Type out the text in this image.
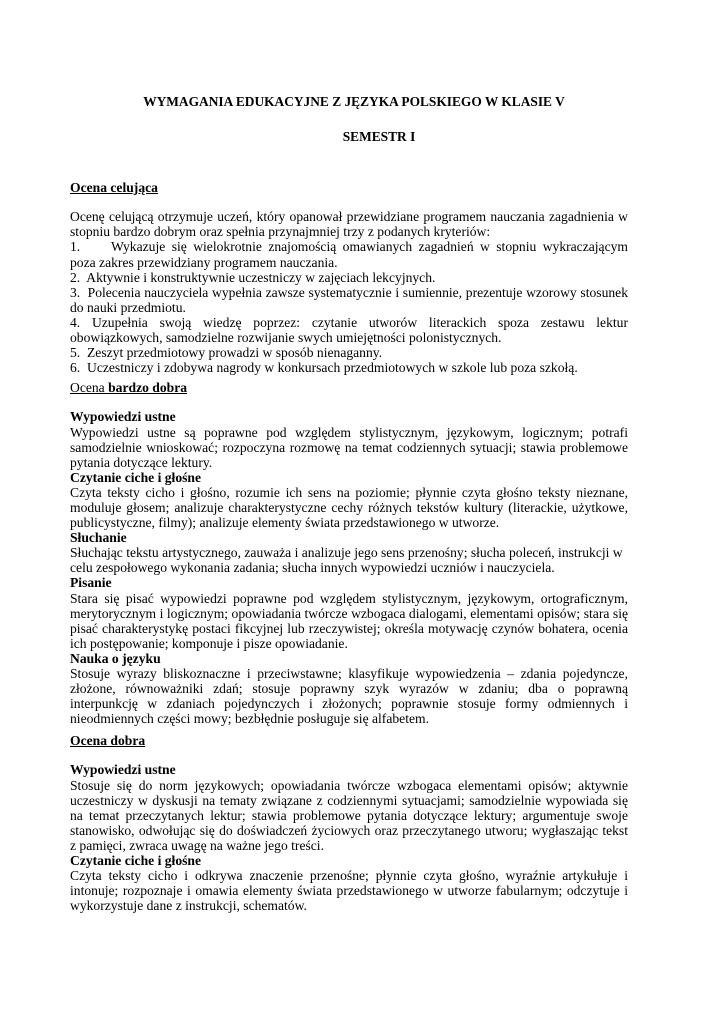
WYMAGANIA EDUKACYJNE Z JĘZYKA POLSKIEGO W KLASIE V
SEMESTR I
Ocena celująca

Ocenę celującą otrzymuje uczeń, który opanował przewidziane programem nauczania zagadnienia w stopniu bardzo dobrym oraz spełnia przynajmniej trzy z podanych kryteriów:

1. Wykazuje się wielokrotnie znajomością omawianych zagadnień w stopniu wykraczającym poza zakres przewidziany programem nauczania.

2. Aktywnie i konstruktywnie uczestniczy w zajęciach lekcyjnych.

3. Polecenia nauczyciela wypełnia zawsze systematycznie i sumiennie, prezentuje wzorowy stosunek do nauki przedmiotu.

4. Uzupełnia swoją wiedzę poprzez: czytanie utworów literackich spoza zestawu lektur obowiązkowych, samodzielne rozwijanie swych umiejętności polonistycznych.

5. Zeszyt przedmiotowy prowadzi w sposób nienaganny.

6. Uczestniczy i zdobywa nagrody w konkursach przedmiotowych w szkole lub poza szkołą.

Ocena bardzo dobra
Wypowiedzi ustne

Wypowiedzi ustne są poprawne pod względem stylistycznym, językowym, logicznym; potrafi samodzielnie wnioskować; rozpoczyna rozmowę na temat codziennych sytuacji; stawia problemowe pytania dotyczące lektury.

Czytanie ciche i głośne

Czyta teksty cicho i głośno, rozumie ich sens na poziomie; płynnie czyta głośno teksty nieznane, moduluje głosem; analizuje charakterystyczne cechy różnych tekstów kultury (literackie, użytkowe, publicystyczne, filmy); analizuje elementy świata przedstawionego w utworze.

Słuchanie

Słuchając tekstu artystycznego, zauważa i analizuje jego sens przenośny; słucha poleceń, instrukcji w celu zespołowego wykonania zadania; słucha innych wypowiedzi uczniów i nauczyciela.

Pisanie

Stara się pisać wypowiedzi poprawne pod względem stylistycznym, językowym, ortograficznym, merytorycznym i logicznym; opowiadania twórcze wzbogaca dialogami, elementami opisów; stara się pisać charakterystykę postaci fikcyjnej lub rzeczywistej; określa motywację czynów bohatera, ocenia ich postępowanie; komponuje i pisze opowiadanie.

Nauka o języku

Stosuje wyrazy bliskoznaczne i przeciwstawne; klasyfikuje wypowiedzenia – zdania pojedyncze, złożone, równoważniki zdań; stosuje poprawny szyk wyrazów w zdaniu; dba o poprawną interpunkcję w zdaniach pojedynczych i złożonych; poprawnie stosuje formy odmiennych i nieodmiennych części mowy; bezbłędnie posługuje się alfabetem.

Ocena dobra
Wypowiedzi ustne

Stosuje się do norm językowych; opowiadania twórcze wzbogaca elementami opisów; aktywnie uczestniczy w dyskusji na tematy związane z codziennymi sytuacjami; samodzielnie wypowiada się na temat przeczytanych lektur; stawia problemowe pytania dotyczące lektury; argumentuje swoje stanowisko, odwołując się do doświadczeń życiowych oraz przeczytanego utworu; wygłaszając tekst z pamięci, zwraca uwagę na ważne jego treści.

Czytanie ciche i głośne

Czyta teksty cicho i odkrywa znaczenie przenośne; płynnie czyta głośno, wyraźnie artykułuje i intonuje; rozpoznaje i omawia elementy świata przedstawionego w utworze fabularnym; odczytuje i wykorzystuje dane z instrukcji, schematów.
